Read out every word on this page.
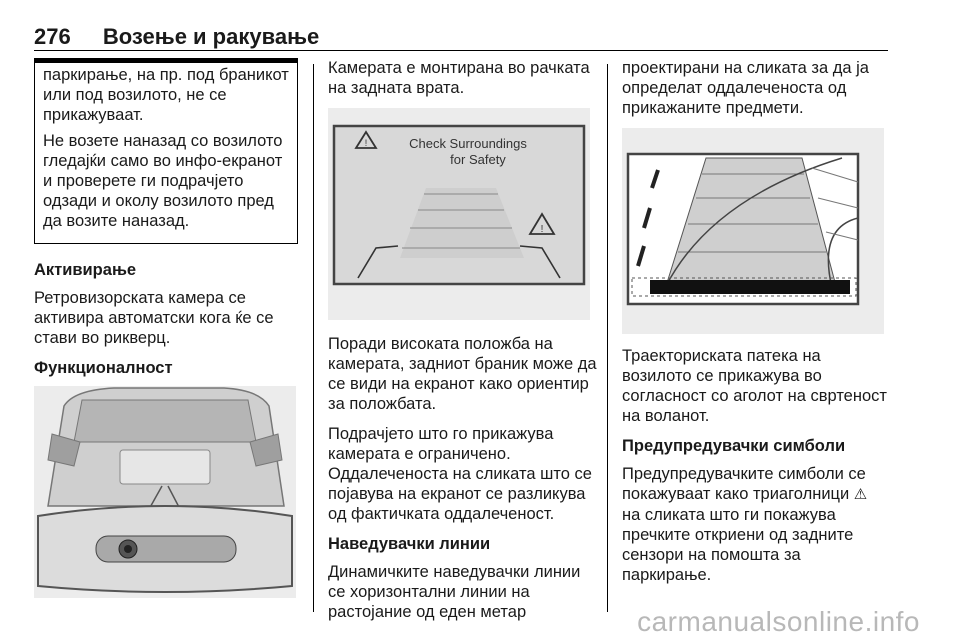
276 Возење и ракување

паркирање, на пр. под браникот или под возилото, не се прикажуваат.

Не возете наназад со возилото гледајќи само во инфо-екранот и проверете ги подрачјето одзади и околу возилото пред да возите наназад.

Активирање

Ретровизорската камера се активира автоматски кога ќе се стави во рикверц.

Функционалност

Камерата е монтирана во рачката на задната врата.

!	Check Surroundings
for Safety
!

Поради високата положба на камерата, задниот браник може да се види на екранот како ориентир за положбата.

Подрачјето што го прикажува камерата е ограничено. Оддалеченоста на сликата што се појавува на екранот се разликува од фактичката оддалеченост.

Наведувачки линии

Динамичките наведувачки линии се хоризонтални линии на растојание од еден метар

проектирани на сликата за да ја определат оддалеченоста од прикажаните предмети.

Траекториската патека на возилото се прикажува во согласност со аголот на свртеност на воланот.

Предупредувачки симболи

Предупредувачките симболи се покажуваат како триаголници ⚠ на сликата што ги покажува пречките откриени од задните сензори на помошта за паркирање.

carmanualsonline.info
